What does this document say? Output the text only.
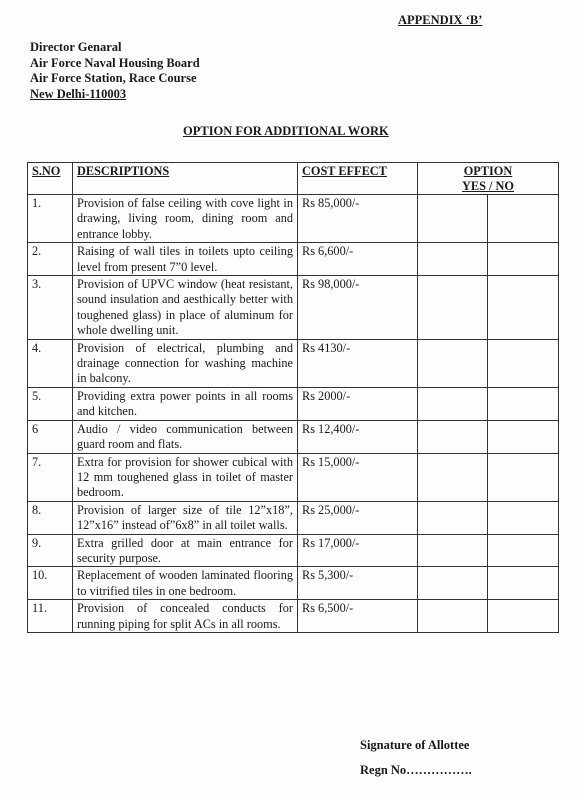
APPENDIX ‘B’
Director Genaral
Air Force Naval Housing Board
Air Force Station, Race Course
New Delhi-110003
OPTION FOR ADDITIONAL WORK
S.NO	DESCRIPTIONS	COST EFFECT	OPTION
YES / NO	

1.	Provision of false ceiling with cove light in drawing, living room, dining room and entrance lobby.	Rs 85,000/-		
2.	Raising of wall tiles in toilets upto ceiling level from present 7”0 level.	Rs 6,600/-		
3.	Provision of UPVC window (heat resistant, sound insulation and aesthically better with toughened glass) in place of aluminum for whole dwelling unit.	Rs 98,000/-		
4.	Provision of electrical, plumbing and drainage connection for washing machine in balcony.	Rs 4130/-		
5.	Providing extra power points in all rooms and kitchen.	Rs 2000/-		
6	Audio / video communication between guard room and flats.	Rs 12,400/-		
7.	Extra for provision for shower cubical with 12 mm toughened glass in toilet of master bedroom.	Rs 15,000/-		
8.	Provision of larger size of tile 12”x18”, 12”x16” instead of”6x8” in all toilet walls.	Rs 25,000/-		
9.	Extra grilled door at main entrance for security purpose.	Rs 17,000/-		
10.	Replacement of wooden laminated flooring to vitrified tiles in one bedroom.	Rs 5,300/-		
11.	Provision of concealed conducts for running piping for split ACs in all rooms.	Rs 6,500/-		
Signature of Allottee
Regn No…………….
